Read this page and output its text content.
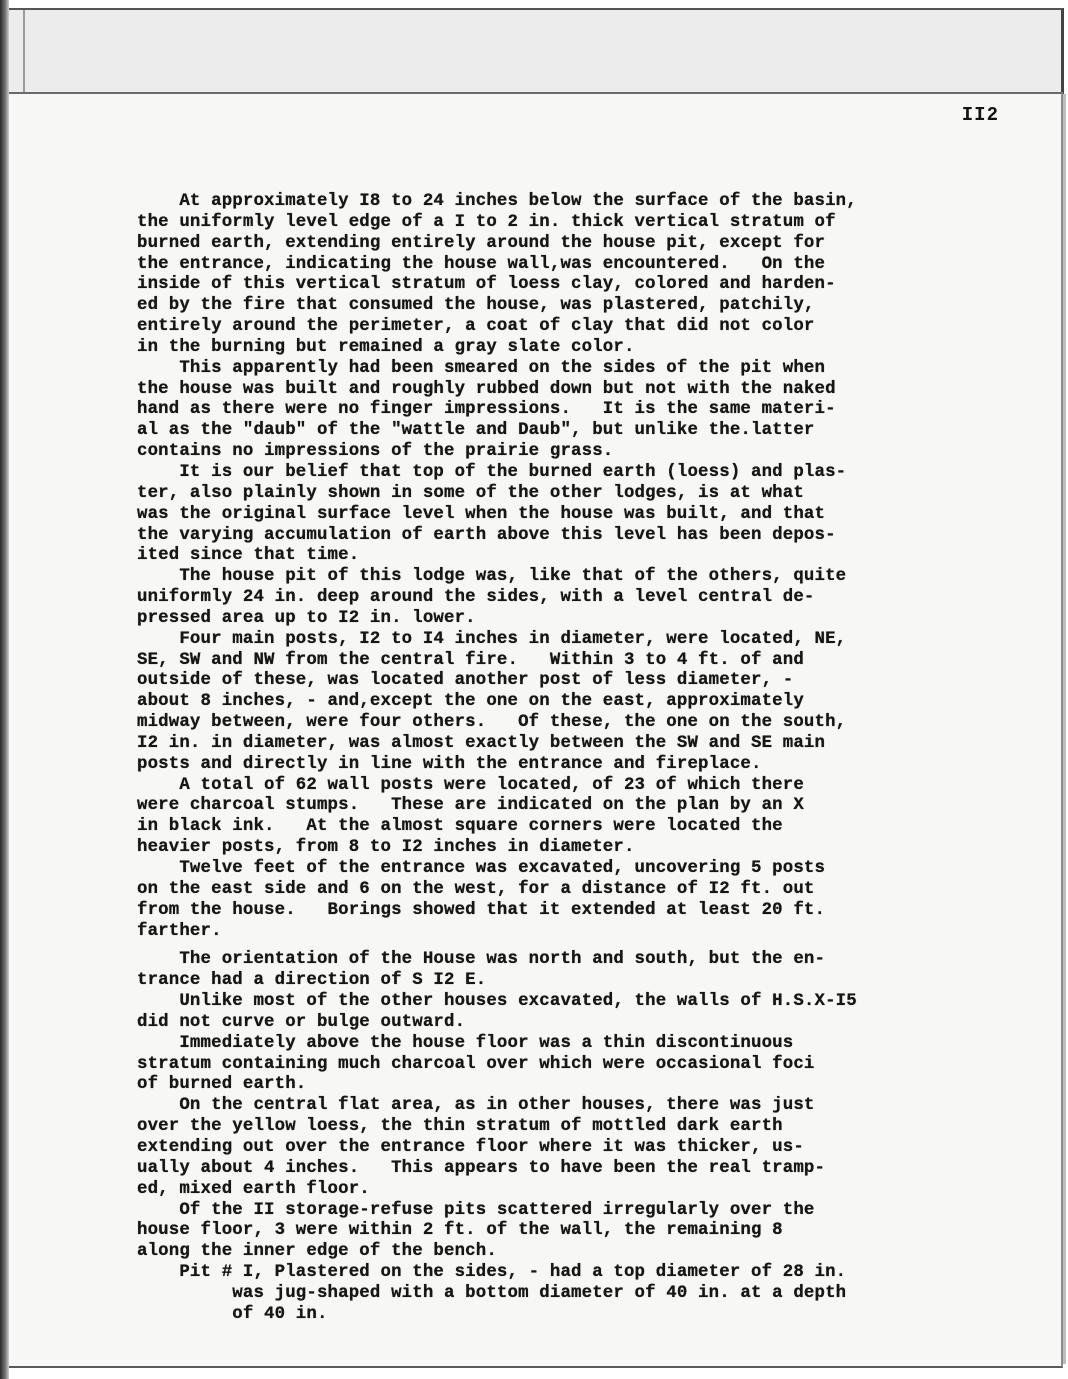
II2
At approximately I8 to 24 inches below the surface of the basin,
the uniformly level edge of a I to 2 in. thick vertical stratum of
burned earth, extending entirely around the house pit, except for
the entrance, indicating the house wall,was encountered.   On the
inside of this vertical stratum of loess clay, colored and harden-
ed by the fire that consumed the house, was plastered, patchily,
entirely around the perimeter, a coat of clay that did not color
in the burning but remained a gray slate color.
This apparently had been smeared on the sides of the pit when
the house was built and roughly rubbed down but not with the naked
hand as there were no finger impressions.   It is the same materi-
al as the "daub" of the "wattle and Daub", but unlike the.latter
contains no impressions of the prairie grass.
It is our belief that top of the burned earth (loess) and plas-
ter, also plainly shown in some of the other lodges, is at what
was the original surface level when the house was built, and that
the varying accumulation of earth above this level has been depos-
ited since that time.
The house pit of this lodge was, like that of the others, quite
uniformly 24 in. deep around the sides, with a level central de-
pressed area up to I2 in. lower.
Four main posts, I2 to I4 inches in diameter, were located, NE,
SE, SW and NW from the central fire.   Within 3 to 4 ft. of and
outside of these, was located another post of less diameter, -
about 8 inches, - and,except the one on the east, approximately
midway between, were four others.   Of these, the one on the south,
I2 in. in diameter, was almost exactly between the SW and SE main
posts and directly in line with the entrance and fireplace.
A total of 62 wall posts were located, of 23 of which there
were charcoal stumps.   These are indicated on the plan by an X
in black ink.   At the almost square corners were located the
heavier posts, from 8 to I2 inches in diameter.
Twelve feet of the entrance was excavated, uncovering 5 posts
on the east side and 6 on the west, for a distance of I2 ft. out
from the house.   Borings showed that it extended at least 20 ft.
farther.
The orientation of the House was north and south, but the en-
trance had a direction of S I2 E.
Unlike most of the other houses excavated, the walls of H.S.X-I5
did not curve or bulge outward.
Immediately above the house floor was a thin discontinuous
stratum containing much charcoal over which were occasional foci
of burned earth.
On the central flat area, as in other houses, there was just
over the yellow loess, the thin stratum of mottled dark earth
extending out over the entrance floor where it was thicker, us-
ually about 4 inches.   This appears to have been the real tramp-
ed, mixed earth floor.
Of the II storage-refuse pits scattered irregularly over the
house floor, 3 were within 2 ft. of the wall, the remaining 8
along the inner edge of the bench.
Pit # I, Plastered on the sides, - had a top diameter of 28 in.
was jug-shaped with a bottom diameter of 40 in. at a depth
of 40 in.
